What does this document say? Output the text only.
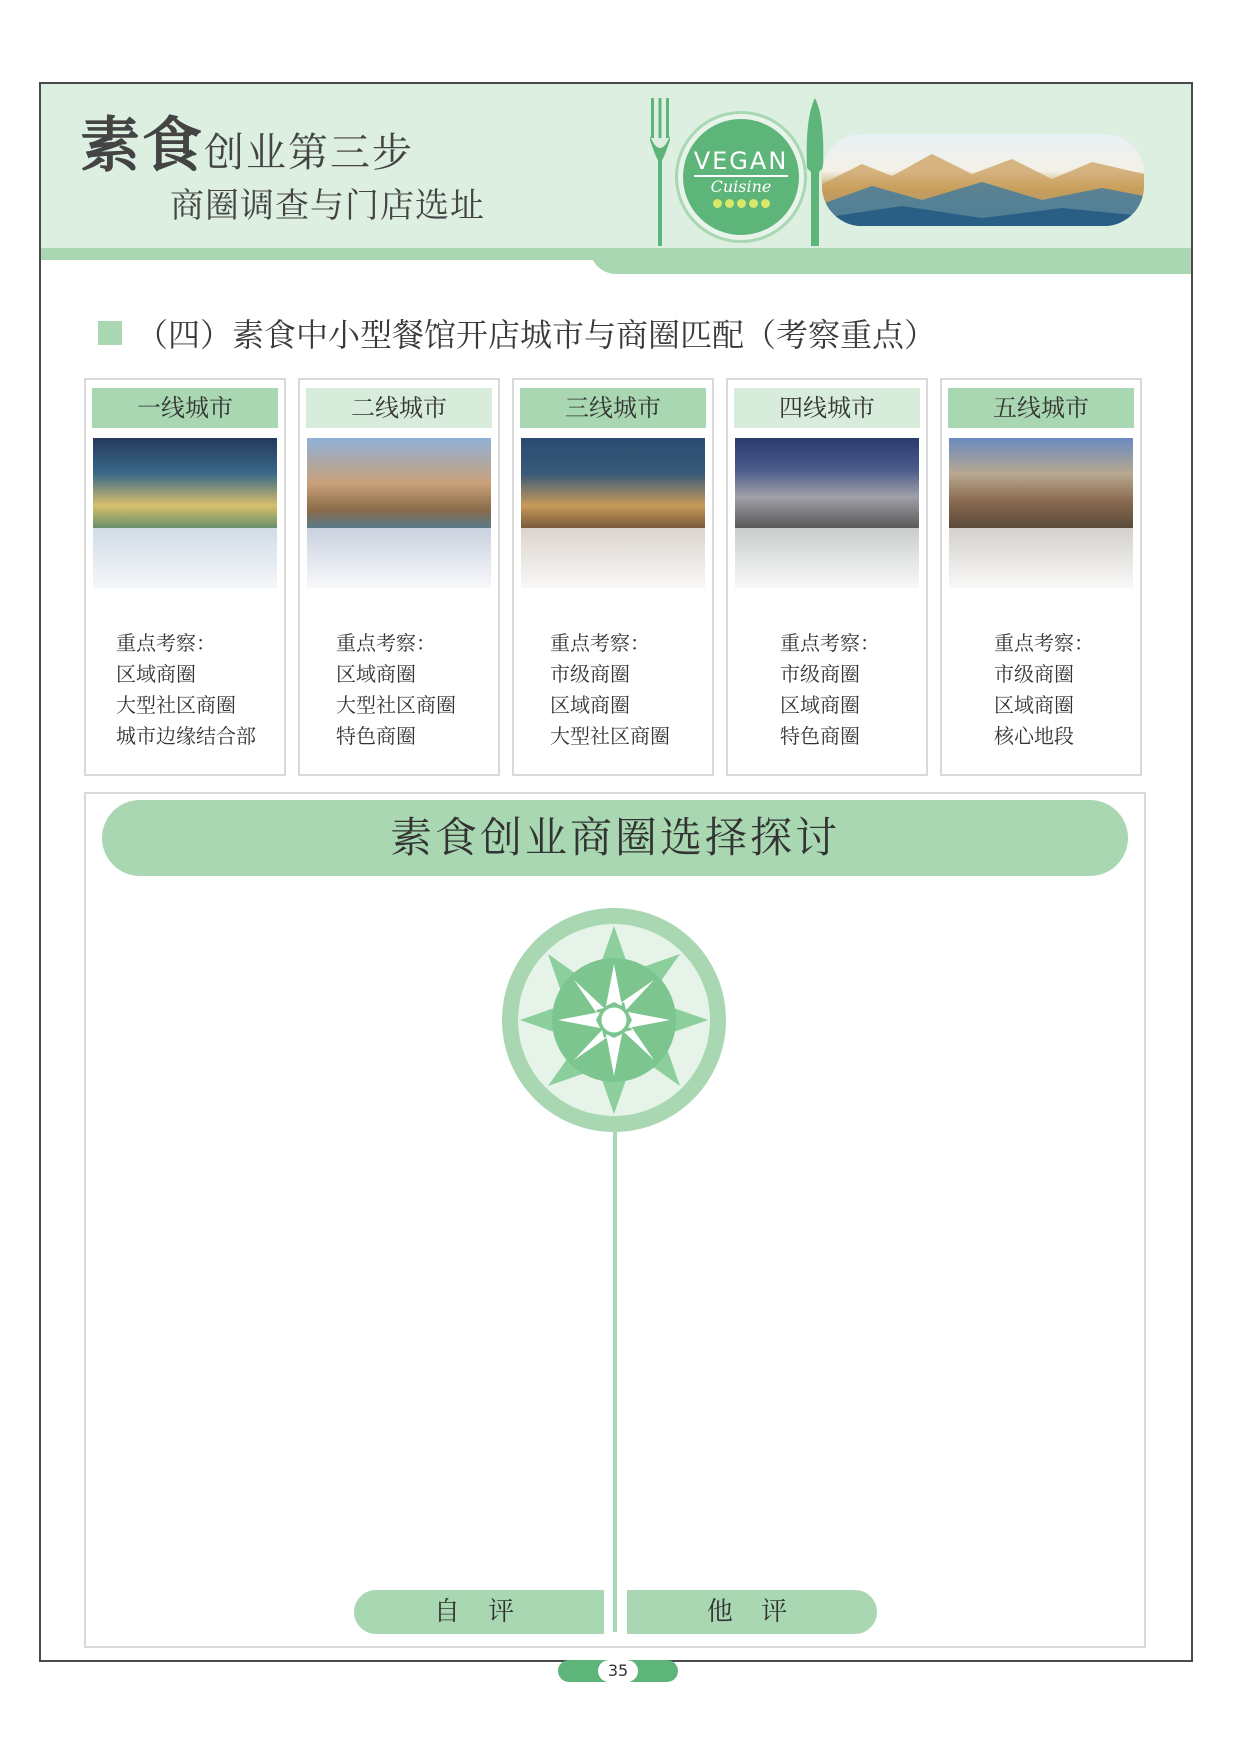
素食创业第三步
商圈调查与门店选址
VEGAN
Cuisine
（四）素食中小型餐馆开店城市与商圈匹配（考察重点）
一线城市
重点考察：
区域商圈
大型社区商圈
城市边缘结合部
二线城市
重点考察：
区域商圈
大型社区商圈
特色商圈
三线城市
重点考察：
市级商圈
区域商圈
大型社区商圈
四线城市
重点考察：
市级商圈
区域商圈
特色商圈
五线城市
重点考察：
市级商圈
区域商圈
核心地段
素食创业商圈选择探讨
自 评	他 评
35
